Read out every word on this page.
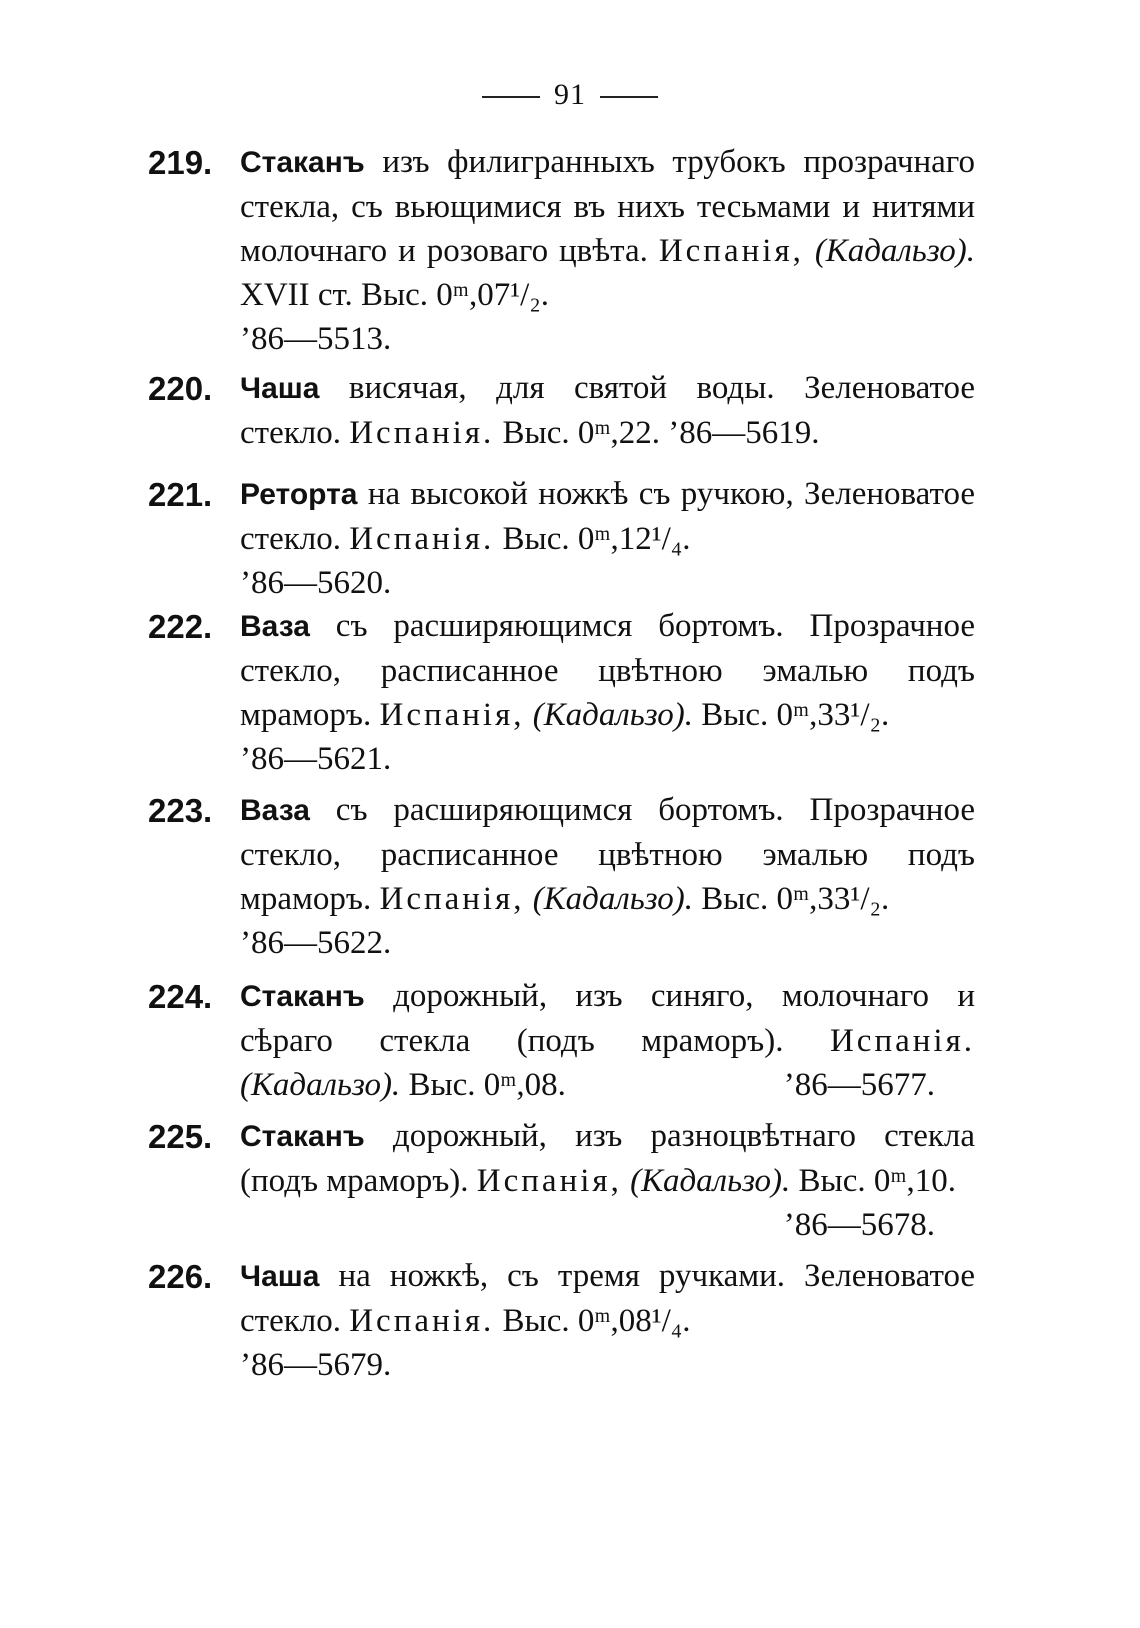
91
219. Стаканъ изъ филигранныхъ трубокъ прозрачнаго стекла, съ вьющимися въ нихъ тесьмами и нитями молочнаго и розоваго цвѣта. Испанія, (Кадальзо). XVII ст. Выс. 0ᵐ,07¹/₂.
’86—5513.
220. Чаша висячая, для святой воды. Зеленоватое стекло. Испанія. Выс. 0ᵐ,22. ’86—5619.
221. Реторта на высокой ножкѣ съ ручкою, Зеленоватое стекло. Испанія. Выс. 0ᵐ,12¹/₄.
’86—5620.
222. Ваза съ расширяющимся бортомъ. Прозрачное стекло, расписанное цвѣтною эмалью подъ мраморъ. Испанія, (Кадальзо). Выс. 0ᵐ,33¹/₂.
’86—5621.
223. Ваза съ расширяющимся бортомъ. Прозрачное стекло, расписанное цвѣтною эмалью подъ мраморъ. Испанія, (Кадальзо). Выс. 0ᵐ,33¹/₂.
’86—5622.
224. Стаканъ дорожный, изъ синяго, молочнаго и сѣраго стекла (подъ мраморъ). Испанія. (Кадальзо). Выс. 0ᵐ,08.	’86—5677.
225. Стаканъ дорожный, изъ разноцвѣтнаго стекла (подъ мраморъ). Испанія, (Кадальзо). Выс. 0ᵐ,10.
’86—5678.
226. Чаша на ножкѣ, съ тремя ручками. Зеленоватое стекло. Испанія. Выс. 0ᵐ,08¹/₄.
’86—5679.
